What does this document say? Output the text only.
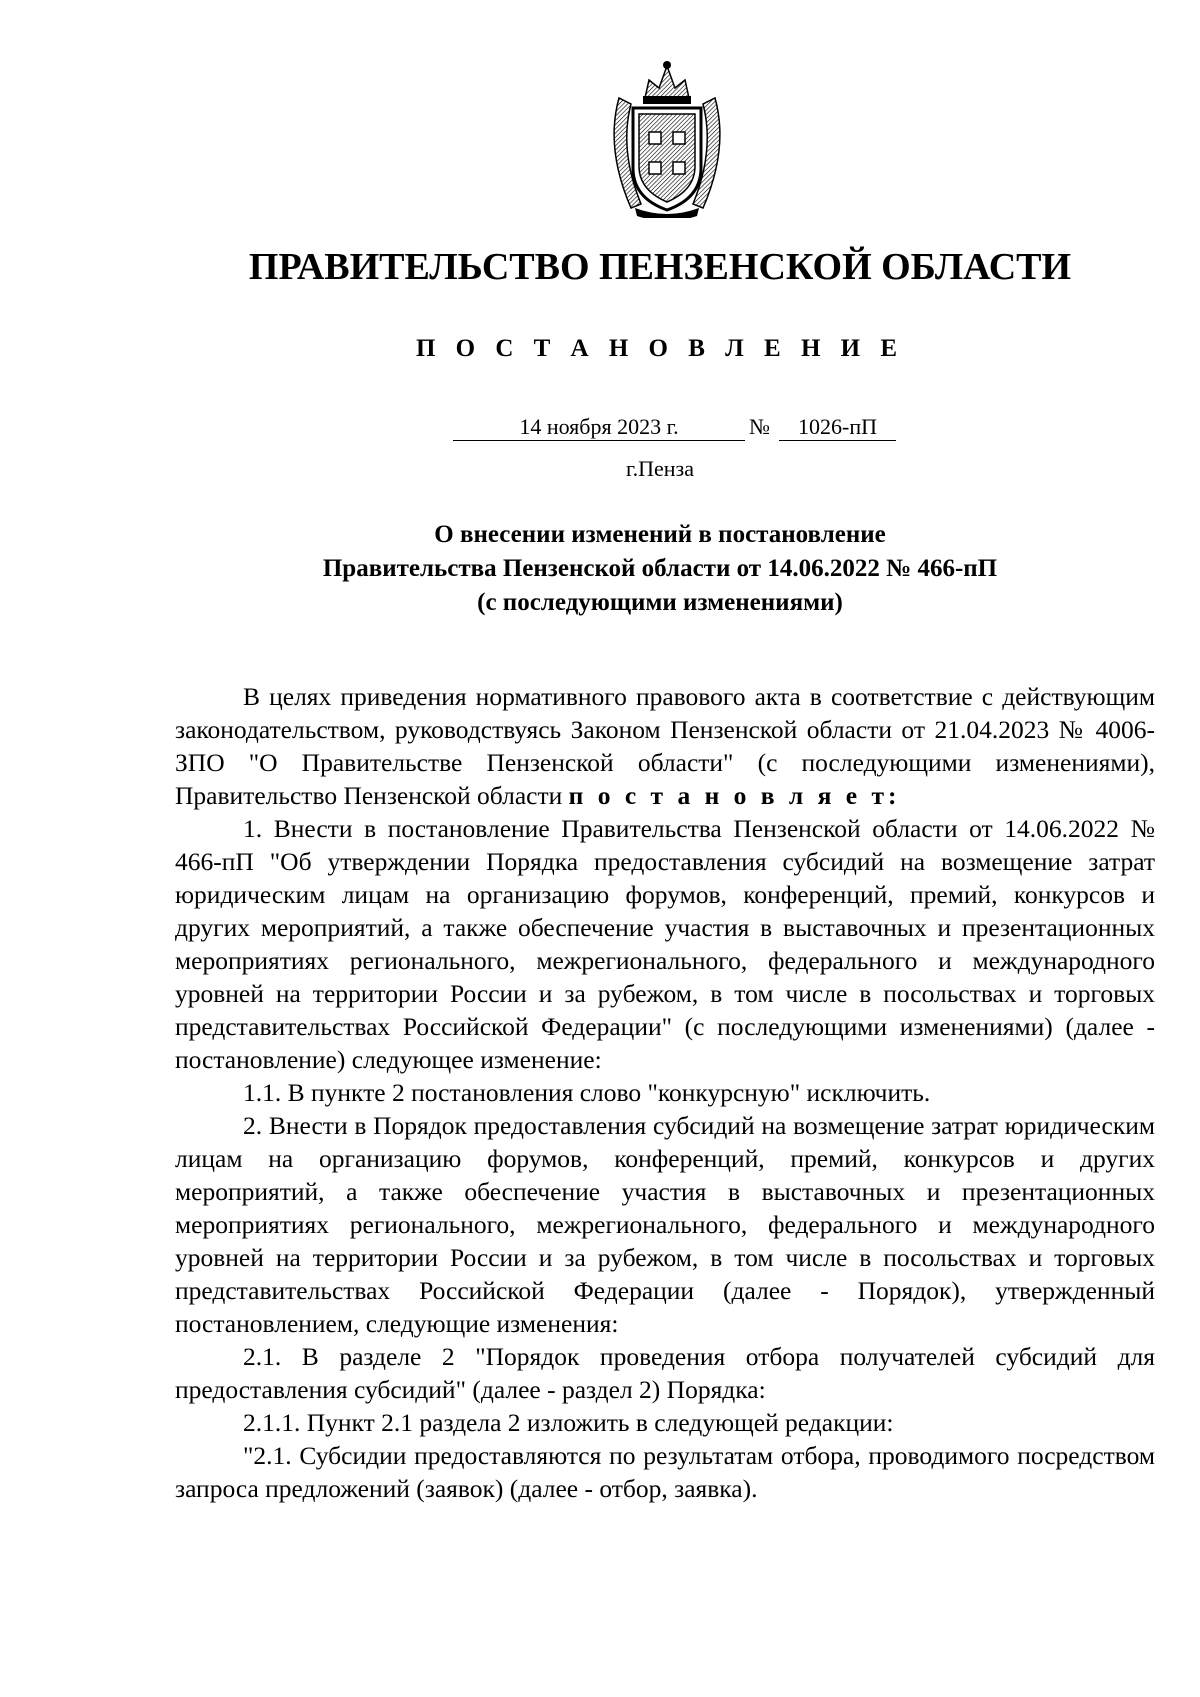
ПРАВИТЕЛЬСТВО ПЕНЗЕНСКОЙ ОБЛАСТИ
П О С Т А Н О В Л Е Н И Е
14 ноября 2023 г.	№	1026-пП
г.Пенза
О внесении изменений в постановление
Правительства Пензенской области от 14.06.2022 № 466-пП
(с последующими изменениями)

В целях приведения нормативного правового акта в соответствие с действующим законодательством, руководствуясь Законом Пензенской области от 21.04.2023 № 4006-ЗПО "О Правительстве Пензенской области" (с последующими изменениями), Правительство Пензенской области п о с т а н о в л я е т:

1. Внести в постановление Правительства Пензенской области от 14.06.2022 № 466-пП "Об утверждении Порядка предоставления субсидий на возмещение затрат юридическим лицам на организацию форумов, конференций, премий, конкурсов и других мероприятий, а также обеспечение участия в выставочных и презентационных мероприятиях регионального, межрегионального, федерального и международного уровней на территории России и за рубежом, в том числе в посольствах и торговых представительствах Российской Федерации" (с последующими изменениями) (далее - постановление) следующее изменение:

1.1. В пункте 2 постановления слово "конкурсную" исключить.

2. Внести в Порядок предоставления субсидий на возмещение затрат юридическим лицам на организацию форумов, конференций, премий, конкурсов и других мероприятий, а также обеспечение участия в выставочных и презентационных мероприятиях регионального, межрегионального, федерального и международного уровней на территории России и за рубежом, в том числе в посольствах и торговых представительствах Российской Федерации (далее - Порядок), утвержденный постановлением, следующие изменения:

2.1. В разделе 2 "Порядок проведения отбора получателей субсидий для предоставления субсидий" (далее - раздел 2) Порядка:

2.1.1. Пункт 2.1 раздела 2 изложить в следующей редакции:

"2.1. Субсидии предоставляются по результатам отбора, проводимого посредством запроса предложений (заявок) (далее - отбор, заявка).
